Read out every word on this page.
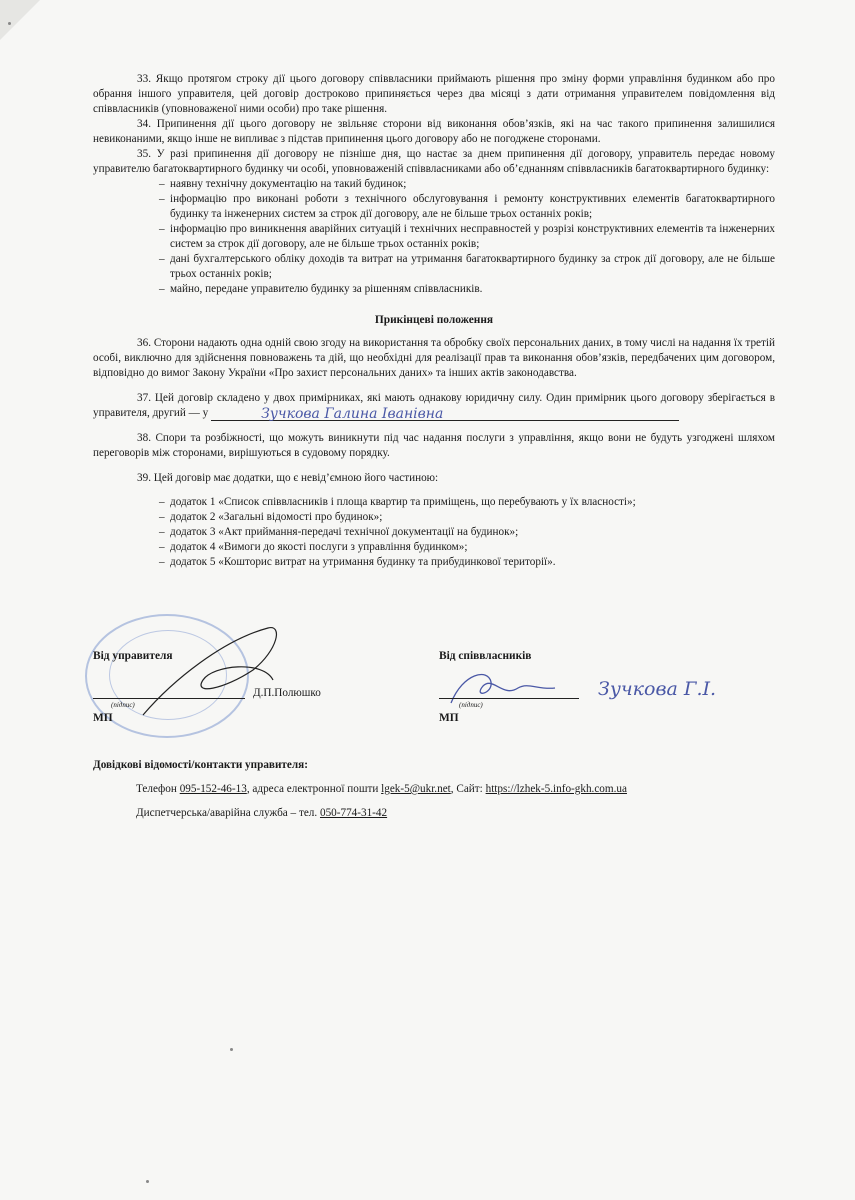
33. Якщо протягом строку дії цього договору співвласники приймають рішення про зміну форми управління будинком або про обрання іншого управителя, цей договір достроково припиняється через два місяці з дати отримання управителем повідомлення від співвласників (уповноваженої ними особи) про таке рішення.

34. Припинення дії цього договору не звільняє сторони від виконання обов’язків, які на час такого припинення залишилися невиконаними, якщо інше не випливає з підстав припинення цього договору або не погоджене сторонами.

35. У разі припинення дії договору не пізніше дня, що настає за днем припинення дії договору, управитель передає новому управителю багатоквартирного будинку чи особі, уповноваженій співвласниками або об’єднанням співвласників багатоквартирного будинку:

– наявну технічну документацію на такий будинок;
– інформацію про виконані роботи з технічного обслуговування і ремонту конструктивних елементів багатоквартирного будинку та інженерних систем за строк дії договору, але не більше трьох останніх років;
– інформацію про виникнення аварійних ситуацій і технічних несправностей у розрізі конструктивних елементів та інженерних систем за строк дії договору, але не більше трьох останніх років;
– дані бухгалтерського обліку доходів та витрат на утримання багатоквартирного будинку за строк дії договору, але не більше трьох останніх років;
– майно, передане управителю будинку за рішенням співвласників.
Прикінцеві положення

36. Сторони надають одна одній свою згоду на використання та обробку своїх персональних даних, в тому числі на надання їх третій особі, виключно для здійснення повноважень та дій, що необхідні для реалізації прав та виконання обов’язків, передбачених цим договором, відповідно до вимог Закону України «Про захист персональних даних» та інших актів законодавства.

37. Цей договір складено у двох примірниках, які мають однакову юридичну силу. Один примірник цього договору зберігається в управителя, другий — у	Зучкова Галина Іванівна

38. Спори та розбіжності, що можуть виникнути під час надання послуги з управління, якщо вони не будуть узгоджені шляхом переговорів між сторонами, вирішуються в судовому порядку.

39. Цей договір має додатки, що є невід’ємною його частиною:

– додаток 1 «Список співвласників і площа квартир та приміщень, що перебувають у їх власності»;
– додаток 2 «Загальні відомості про будинок»;
– додаток 3 «Акт приймання-передачі технічної документації на будинок»;
– додаток 4 «Вимоги до якості послуги з управління будинком»;
– додаток 5 «Кошторис витрат на утримання будинку та прибудинкової території».
Від управителя
(підпис)
Д.П.Полюшко
МП
Від співвласників
(підпис)
Зучкова Г.І.
МП
Довідкові відомості/контакти управителя:
Телефон 095-152-46-13, адреса електронної пошти lgek-5@ukr.net, Сайт: https://lzhek-5.info-gkh.com.ua
Диспетчерська/аварійна служба – тел. 050-774-31-42
